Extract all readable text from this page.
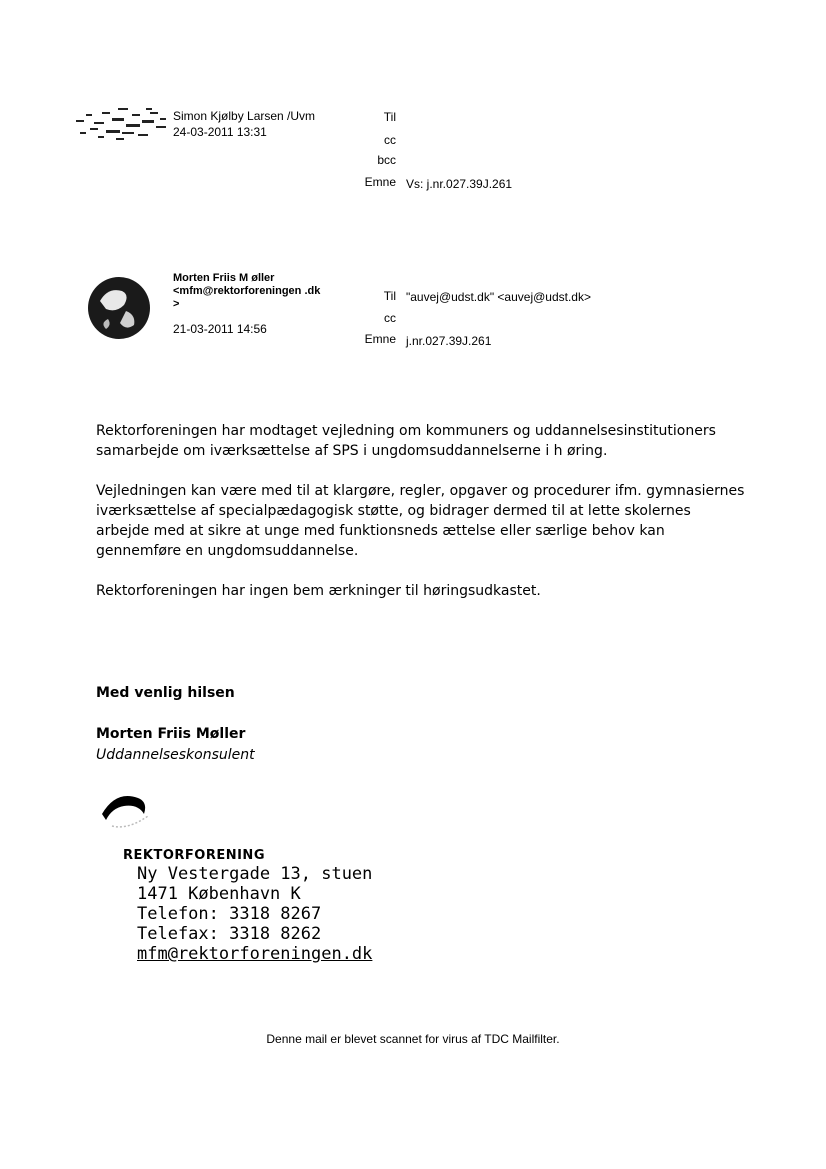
Simon Kjølby Larsen /Uvm
24-03-2011 13:31
Til
cc
bcc
Emne Vs: j.nr.027.39J.261
Morten Friis M øller
<mfm@rektorforeningen .dk
>
21-03-2011 14:56
Til "auvej@udst.dk" <auvej@udst.dk>
cc
Emne j.nr.027.39J.261

Rektorforeningen har modtaget vejledning om kommuners og uddannelsesinstitutioners
samarbejde om iværksættelse af SPS i ungdomsuddannelserne i h øring.

Vejledningen kan være med til at klargøre, regler, opgaver og procedurer ifm. gymnasiernes
iværksættelse af specialpædagogisk støtte, og bidrager dermed til at lette skolernes
arbejde med at sikre at unge med funktionsneds ættelse eller særlige behov kan
gennemføre en ungdomsuddannelse.

Rektorforeningen har ingen bem ærkninger til høringsudkastet.

Med venlig hilsen
Morten Friis Møller
Uddannelseskonsulent
REKTORFORENING
Ny Vestergade 13, stuen
1471 København K
Telefon: 3318 8267
Telefax: 3318 8262
mfm@rektorforeningen.dk
Denne mail er blevet scannet for virus af TDC Mailfilter.
